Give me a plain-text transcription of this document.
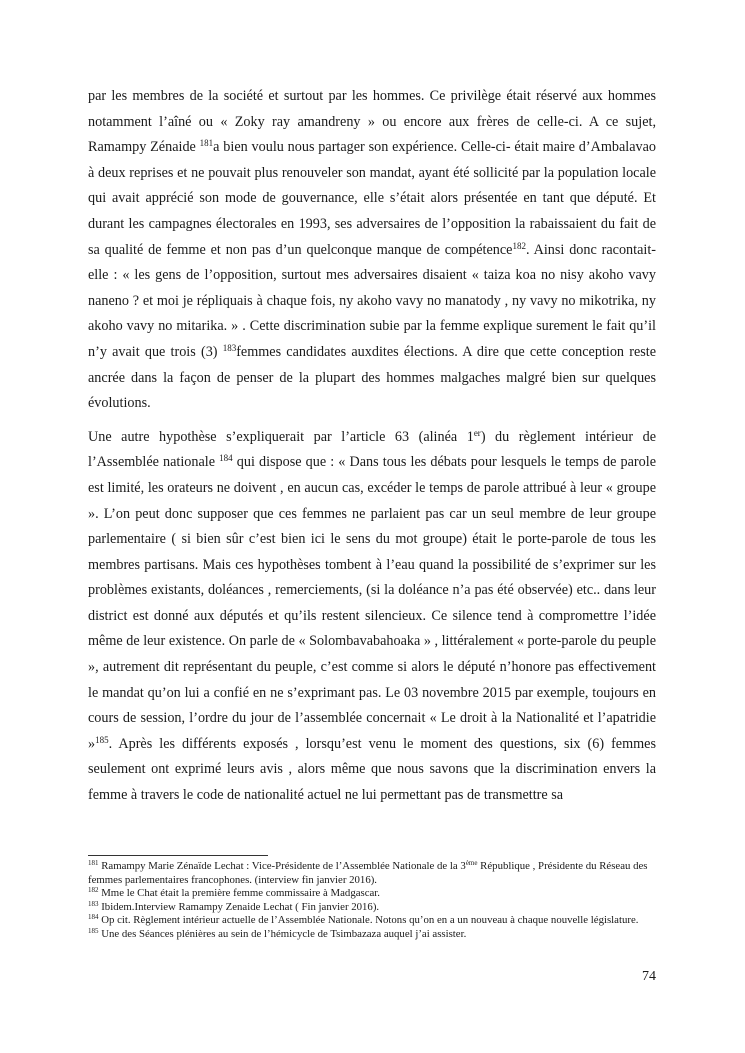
par les membres de la société et surtout par les hommes. Ce privilège était réservé aux hommes notamment l’aîné ou « Zoky ray amandreny » ou encore aux frères de celle-ci. A ce sujet, Ramampy Zénaide $^{181}$a bien voulu nous partager son expérience. Celle-ci- était maire d’Ambalavao à deux reprises et ne pouvait plus renouveler son mandat, ayant été sollicité par la population locale qui avait apprécié son mode de gouvernance, elle s’était alors présentée en tant que député. Et durant les campagnes électorales en 1993, ses adversaires de l’opposition la rabaissaient du fait de sa qualité de femme et non pas d’un quelconque manque de compétence$^{182}$. Ainsi donc racontait-elle : « les gens de l’opposition, surtout mes adversaires disaient « taiza koa no nisy akoho vavy naneno ? et moi je répliquais à chaque fois, ny akoho vavy no manatody , ny vavy no mikotrika, ny akoho vavy no mitarika. » . Cette discrimination subie par la femme explique surement le fait qu’il n’y avait que trois (3) $^{183}$femmes candidates auxdites élections. A dire que cette conception reste ancrée dans la façon de penser de la plupart des hommes malgaches malgré bien sur quelques évolutions.

Une autre hypothèse s’expliquerait par l’article 63 (alinéa 1er) du règlement intérieur de l’Assemblée nationale $^{184}$ qui dispose que : « Dans tous les débats pour lesquels le temps de parole est limité, les orateurs ne doivent , en aucun cas, excéder le temps de parole attribué à leur « groupe ». L’on peut donc supposer que ces femmes ne parlaient pas car un seul membre de leur groupe parlementaire ( si bien sûr c’est bien ici le sens du mot groupe) était le porte-parole de tous les membres partisans. Mais ces hypothèses tombent à l’eau quand la possibilité de s’exprimer sur les problèmes existants, doléances , remerciements, (si la doléance n’a pas été observée) etc.. dans leur district est donné aux députés et qu’ils restent silencieux. Ce silence tend à compromettre l’idée même de leur existence. On parle de « Solombavabahoaka » , littéralement « porte-parole du peuple », autrement dit représentant du peuple, c’est comme si alors le député n’honore pas effectivement le mandat qu’on lui a confié en ne s’exprimant pas. Le 03 novembre 2015 par exemple, toujours en cours de session, l’ordre du jour de l’assemblée concernait « Le droit à la Nationalité et l’apatridie »$^{185}$. Après les différents exposés , lorsqu’est venu le moment des questions, six (6) femmes seulement ont exprimé leurs avis , alors même que nous savons que la discrimination envers la femme à travers le code de nationalité actuel ne lui permettant pas de transmettre sa

$^{181}$ Ramampy Marie Zénaïde Lechat : Vice-Présidente de l’Assemblée Nationale de la 3ème République , Présidente du Réseau des femmes parlementaires francophones. (interview fin janvier 2016).

$^{182}$ Mme le Chat était la première femme commissaire à Madgascar.

$^{183}$ Ibidem.Interview Ramampy Zenaide Lechat ( Fin janvier 2016).

$^{184}$ Op cit. Règlement intérieur actuelle de l’Assemblée Nationale. Notons qu’on en a un nouveau à chaque nouvelle législature.

$^{185}$ Une des Séances plénières au sein de l’hémicycle de Tsimbazaza auquel j’ai assister.

74
